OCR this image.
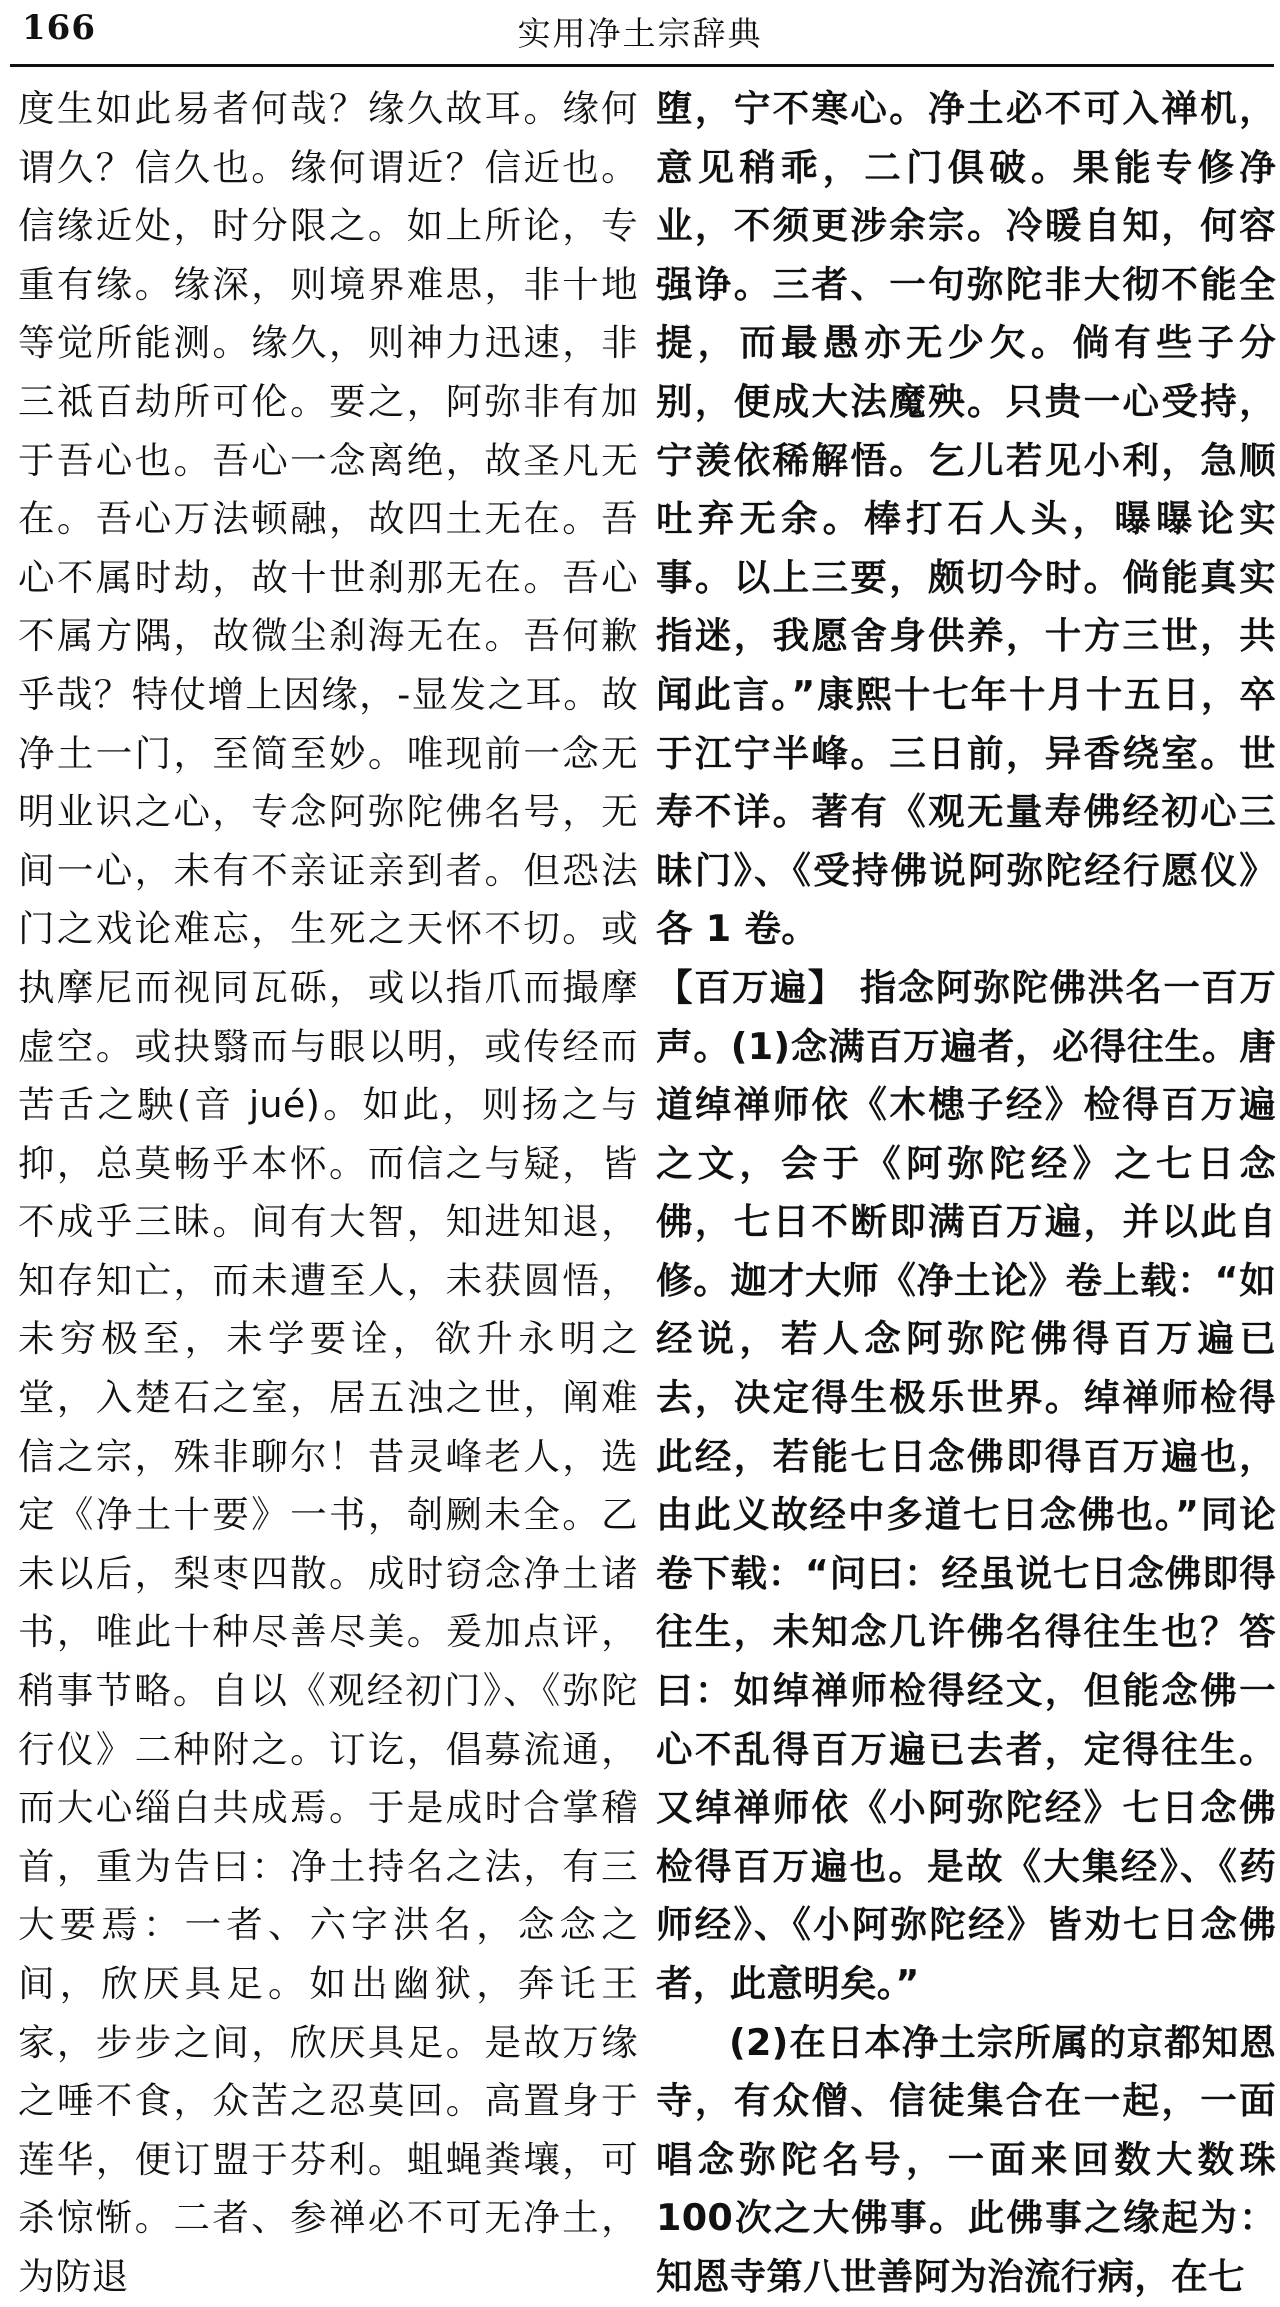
166	实用净土宗辞典

度生如此易者何哉？缘久故耳。缘何谓久？信久也。缘何谓近？信近也。信缘近处，时分限之。如上所论，专重有缘。缘深，则境界难思，非十地等觉所能测。缘久，则神力迅速，非三祗百劫所可伦。要之，阿弥非有加于吾心也。吾心一念离绝，故圣凡无在。吾心万法顿融，故四土无在。吾心不属时劫，故十世刹那无在。吾心不属方隅，故微尘刹海无在。吾何歉乎哉？特仗增上因缘，‐显发之耳。故净土一门，至简至妙。唯现前一念无明业识之心，专念阿弥陀佛名号，无间一心，未有不亲证亲到者。但恐法门之戏论难忘，生死之天怀不切。或执摩尼而视同瓦砾，或以指爪而撮摩虚空。或抉翳而与眼以明，或传经而苦舌之駚(音 jué)。如此，则扬之与抑，总莫畅乎本怀。而信之与疑，皆不成乎三昧。间有大智，知进知退，知存知亡，而未遭至人，未获圆悟，未穷极至，未学要诠，欲升永明之堂，入楚石之室，居五浊之世，阐难信之宗，殊非聊尔！昔灵峰老人，选定《净土十要》一书，剞劂未全。乙未以后，梨枣四散。成时窃念净土诸书，唯此十种尽善尽美。爰加点评，稍事节略。自以《观经初门》、《弥陀行仪》二种附之。订讫，倡募流通，而大心缁白共成焉。于是成时合掌稽首，重为告曰：净土持名之法，有三大要焉：一者、六字洪名，念念之间，欣厌具足。如出幽狱，奔讬王家，步步之间，欣厌具足。是故万缘之唾不食，众苦之忍莫回。高置身于莲华，便订盟于芬利。蛆蝇粪壤，可杀惊惭。二者、参禅必不可无净土，为防退

堕，宁不寒心。净土必不可入禅机，意见稍乖，二门俱破。果能专修净业，不须更涉余宗。冷暖自知，何容强诤。三者、一句弥陀非大彻不能全提，而最愚亦无少欠。倘有些子分别，便成大法魔殃。只贵一心受持，宁羡依稀解悟。乞儿若见小利，急顺吐弃无余。棒打石人头，曝曝论实事。以上三要，颇切今时。倘能真实指迷，我愿舍身供养，十方三世，共闻此言。”康熙十七年十月十五日，卒于江宁半峰。三日前，异香绕室。世寿不详。著有《观无量寿佛经初心三昧门》、《受持佛说阿弥陀经行愿仪》各 1 卷。

【百万遍】 指念阿弥陀佛洪名一百万声。(1)念满百万遍者，必得往生。唐道绰禅师依《木槵子经》检得百万遍之文，会于《阿弥陀经》之七日念佛，七日不断即满百万遍，并以此自修。迦才大师《净土论》卷上载：“如经说，若人念阿弥陀佛得百万遍已去，决定得生极乐世界。绰禅师检得此经，若能七日念佛即得百万遍也，由此义故经中多道七日念佛也。”同论卷下载：“问曰：经虽说七日念佛即得往生，未知念几许佛名得往生也？答曰：如绰禅师检得经文，但能念佛一心不乱得百万遍已去者，定得往生。又绰禅师依《小阿弥陀经》七日念佛检得百万遍也。是故《大集经》、《药师经》、《小阿弥陀经》皆劝七日念佛者，此意明矣。”

(2)在日本净土宗所属的京都知恩寺，有众僧、信徒集合在一起，一面唱念弥陀名号，一面来回数大数珠100次之大佛事。此佛事之缘起为：知恩寺第八世善阿为治流行病，在七
